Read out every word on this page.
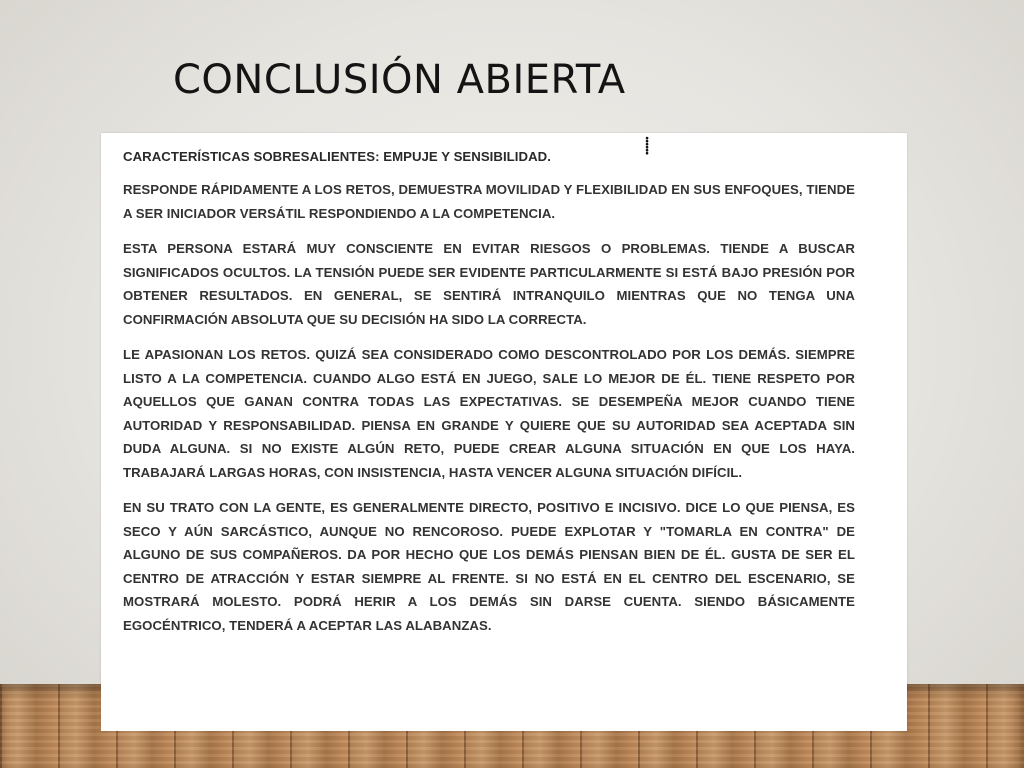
CONCLUSIÓN ABIERTA

CARACTERÍSTICAS SOBRESALIENTES: EMPUJE Y SENSIBILIDAD.

RESPONDE RÁPIDAMENTE A LOS RETOS, DEMUESTRA MOVILIDAD Y FLEXIBILIDAD EN SUS ENFOQUES, TIENDE A SER INICIADOR VERSÁTIL RESPONDIENDO A LA COMPETENCIA.

ESTA PERSONA ESTARÁ MUY CONSCIENTE EN EVITAR RIESGOS O PROBLEMAS. TIENDE A BUSCAR SIGNIFICADOS OCULTOS. LA TENSIÓN PUEDE SER EVIDENTE PARTICULARMENTE SI ESTÁ BAJO PRESIÓN POR OBTENER RESULTADOS. EN GENERAL, SE SENTIRÁ INTRANQUILO MIENTRAS QUE NO TENGA UNA CONFIRMACIÓN ABSOLUTA QUE SU DECISIÓN HA SIDO LA CORRECTA.

LE APASIONAN LOS RETOS. QUIZÁ SEA CONSIDERADO COMO DESCONTROLADO POR LOS DEMÁS. SIEMPRE LISTO A LA COMPETENCIA. CUANDO ALGO ESTÁ EN JUEGO, SALE LO MEJOR DE ÉL. TIENE RESPETO POR AQUELLOS QUE GANAN CONTRA TODAS LAS EXPECTATIVAS. SE DESEMPEÑA MEJOR CUANDO TIENE AUTORIDAD Y RESPONSABILIDAD. PIENSA EN GRANDE Y QUIERE QUE SU AUTORIDAD SEA ACEPTADA SIN DUDA ALGUNA. SI NO EXISTE ALGÚN RETO, PUEDE CREAR ALGUNA SITUACIÓN EN QUE LOS HAYA. TRABAJARÁ LARGAS HORAS, CON INSISTENCIA, HASTA VENCER ALGUNA SITUACIÓN DIFÍCIL.

EN SU TRATO CON LA GENTE, ES GENERALMENTE DIRECTO, POSITIVO E INCISIVO. DICE LO QUE PIENSA, ES SECO Y AÚN SARCÁSTICO, AUNQUE NO RENCOROSO. PUEDE EXPLOTAR Y "TOMARLA EN CONTRA" DE ALGUNO DE SUS COMPAÑEROS. DA POR HECHO QUE LOS DEMÁS PIENSAN BIEN DE ÉL. GUSTA DE SER EL CENTRO DE ATRACCIÓN Y ESTAR SIEMPRE AL FRENTE. SI NO ESTÁ EN EL CENTRO DEL ESCENARIO, SE MOSTRARÁ MOLESTO. PODRÁ HERIR A LOS DEMÁS SIN DARSE CUENTA. SIENDO BÁSICAMENTE EGOCÉNTRICO, TENDERÁ A ACEPTAR LAS ALABANZAS.

⸽
